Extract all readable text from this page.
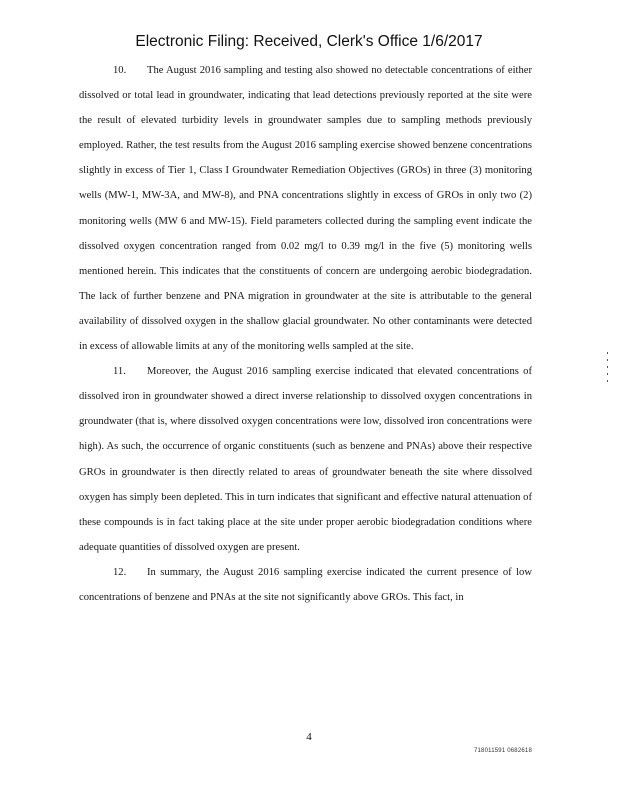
Electronic Filing: Received, Clerk's Office 1/6/2017

10. The August 2016 sampling and testing also showed no detectable concentrations of either dissolved or total lead in groundwater, indicating that lead detections previously reported at the site were the result of elevated turbidity levels in groundwater samples due to sampling methods previously employed. Rather, the test results from the August 2016 sampling exercise showed benzene concentrations slightly in excess of Tier 1, Class I Groundwater Remediation Objectives (GROs) in three (3) monitoring wells (MW-1, MW-3A, and MW-8), and PNA concentrations slightly in excess of GROs in only two (2) monitoring wells (MW 6 and MW-15). Field parameters collected during the sampling event indicate the dissolved oxygen concentration ranged from 0.02 mg/l to 0.39 mg/l in the five (5) monitoring wells mentioned herein. This indicates that the constituents of concern are undergoing aerobic biodegradation. The lack of further benzene and PNA migration in groundwater at the site is attributable to the general availability of dissolved oxygen in the shallow glacial groundwater. No other contaminants were detected in excess of allowable limits at any of the monitoring wells sampled at the site.

11. Moreover, the August 2016 sampling exercise indicated that elevated concentrations of dissolved iron in groundwater showed a direct inverse relationship to dissolved oxygen concentrations in groundwater (that is, where dissolved oxygen concentrations were low, dissolved iron concentrations were high). As such, the occurrence of organic constituents (such as benzene and PNAs) above their respective GROs in groundwater is then directly related to areas of groundwater beneath the site where dissolved oxygen has simply been depleted. This in turn indicates that significant and effective natural attenuation of these compounds is in fact taking place at the site under proper aerobic biodegradation conditions where adequate quantities of dissolved oxygen are present.

12. In summary, the August 2016 sampling exercise indicated the current presence of low concentrations of benzene and PNAs at the site not significantly above GROs. This fact, in

4
718011591 0682618
